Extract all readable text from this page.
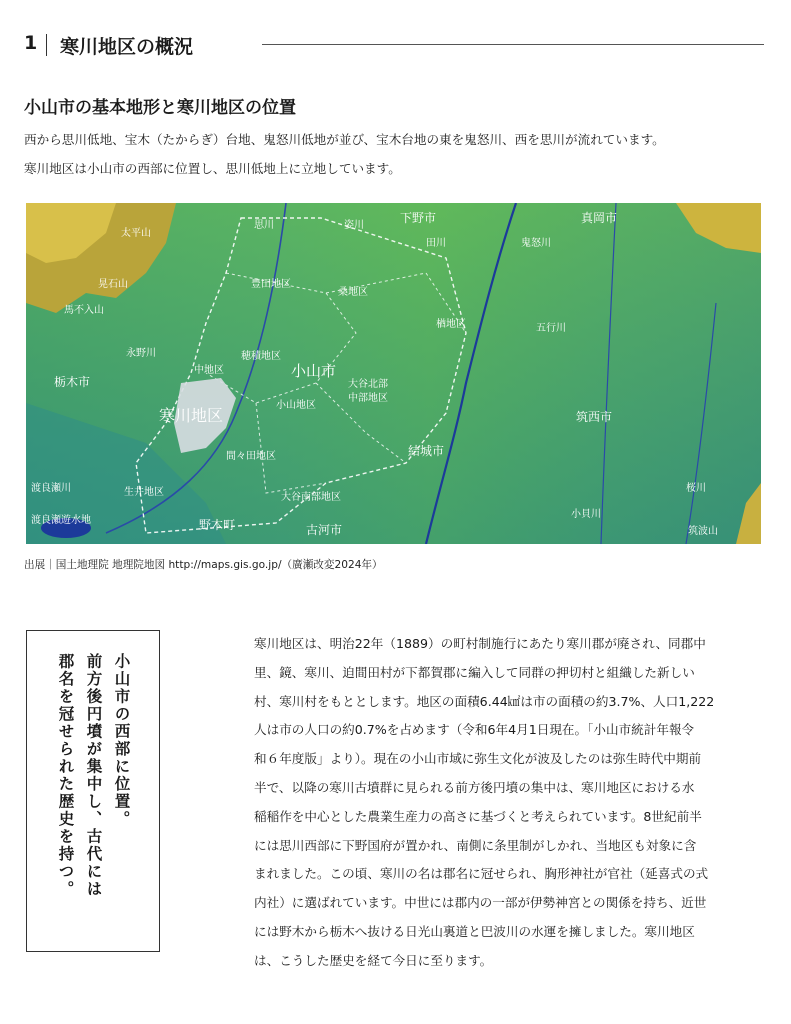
1 寒川地区の概況
小山市の基本地形と寒川地区の位置
西から思川低地、宝木（たからぎ）台地、鬼怒川低地が並び、宝木台地の東を鬼怒川、西を思川が流れています。
寒川地区は小山市の西部に位置し、思川低地上に立地しています。
思川	姿川
下野市
田川	鬼怒川
真岡市
太平山
晃石山
馬不入山
豊田地区
桑地区
楢地区	五行川
永野川
栃木市
中地区
穂積地区
小山市
大谷北部
中部地区
小山地区
寒川地区	筑西市
間々田地区	結城市
桜川
渡良瀬川	生井地区	大谷南部地区
小貝川
渡良瀬遊水地	野木町	古河市	筑波山
出展｜国土地理院 地理院地図 http://maps.gis.go.jp/（廣瀬改変2024年）
小山市の西部に位置。
前方後円墳が集中し、古代には
郡名を冠せられた歴史を持つ。
寒川地区は、明治22年（1889）の町村制施行にあたり寒川郡が廃され、同郡中
里、鏡、寒川、迫間田村が下都賀郡に編入して同群の押切村と組織した新しい
村、寒川村をもととします。地区の面積6.44㎢は市の面積の約3.7%、人口1,222
人は市の人口の約0.7%を占めます（令和6年4月1日現在。「小山市統計年報令
和６年度版」より）。現在の小山市域に弥生文化が波及したのは弥生時代中期前
半で、以降の寒川古墳群に見られる前方後円墳の集中は、寒川地区における水
稲稲作を中心とした農業生産力の高さに基づくと考えられています。8世紀前半
には思川西部に下野国府が置かれ、南側に条里制がしかれ、当地区も対象に含
まれました。この頃、寒川の名は郡名に冠せられ、胸形神社が官社（延喜式の式
内社）に選ばれています。中世には郡内の一部が伊勢神宮との関係を持ち、近世
には野木から栃木へ抜ける日光山裏道と巴波川の水運を擁しました。寒川地区
は、こうした歴史を経て今日に至ります。
